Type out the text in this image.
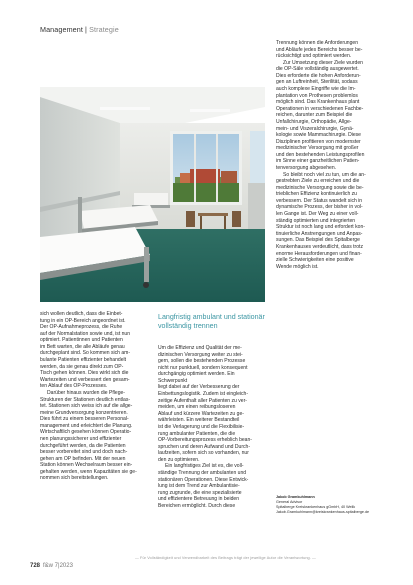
Management | Strategie

sich wollen deutlich, dass die Einbet-

tung in ein OP-Bereich angeordnet ist.

Der OP-Aufnahmeprozess, die Ruhe

auf der Normalstation sowie und, ist nun

optimiert. Patientinnen und Patienten

im Bett warten, die alle Abläufe genau

durchgeplant sind. So kommen sich am-

bulante Patienten effizienter behandelt

werden, da sie genau direkt zum OP-

Tisch gehen können. Dies wirkt sich die

Wartezeiten und verbessert den gesam-

ten Ablauf des OP-Prozesses.

Darüber hinaus wurden die Pflege-

Strukturen der Stationen deutlich entlas-

tet. Stationen sich weiss ich auf die allge-

meine Grundversorgung konzentrieren.

Dies führt zu einem besseren Personal-

management und erleichtert die Planung.

Wirtschaftlich gesehen können Operatio-

nen planungssicherer und effizienter

durchgeführt werden, da die Patienten

besser vorbereitet sind und doch nach-

gehen am OP befinden. Mit der neuen

Station können Wechselraum besser ein-

gehalten werden, wenn Kapazitäten sie ge-

nommen sich bereitstellungen.

Langfristig ambulant und stationär vollständig trennen

Um die Effizienz und Qualität der me-

dizinischen Versorgung weiter zu stei-

gern, sollen die bestehenden Prozesse

nicht nur punktuell, sondern konsequent

durchgängig optimiert werden. Ein Schwerpunkt

liegt dabei auf der Verbesserung der

Einbettungslogistik. Zudem ist eingleich-

zeitige Aufenthalt aller Patienten zu ver-

meiden, um einen reibungsloseren

Ablauf und kürzere Wartezeiten zu ge-

währleisten. Ein weiterer Bestandteil

ist die Verlagerung und die Flexibilisie-

rung ambulanter Patienten, die die

OP-Vorbereitungsprozess erheblich bean-

spruchen und deren Aufwand und Durch-

laufzeiten, sofern sich so vorhanden, nur

den zu optimieren.

Ein langfristiges Ziel ist es, die voll-

ständige Trennung der ambulanten und

stationären Operationen. Diese Entwick-

lung ist dem Trend zur Ambulantisie-

rung zugrunde, die eine spezialisierte

und effizientere Betreuung in beiden

Bereichen ermöglicht. Durch diese

Trennung können die Anforderungen

und Abläufe jedes Bereichs besser be-

rücksichtigt und optimiert werden.

Zur Umsetzung dieser Ziele wurden

die OP-Säle vollständig ausgewertet.

Dies erforderte die hohen Anforderun-

gen an Luftreinheit, Sterilität, sodass

auch komplexe Eingriffe wie die Im-

plantation von Prothesen problemlos

möglich sind. Das Krankenhaus plant

Operationen in verschiedenen Fachbe-

reichen, darunter zum Beispiel die

Unfallchirurgie, Orthopädie, Allge-

mein- und Viszeralchirurgie, Gynä-

kologie sowie Mammachirurgie. Diese

Disziplinen profitieren von modernster

medizinischer Versorgung mit großer

und den bestehenden Leistungsprofilen

im Sinne einer ganzheitlichen Patien-

tenversorgung abgesehen.

So bleibt noch viel zu tun, um die an-

gestrebten Ziele zu erreichen und die

medizinische Versorgung sowie die be-

trieblichen Effizienz kontinuierlich zu

verbessern. Der Status wandelt sich in

dynamische Prozess, der bisher in vol-

len Gange ist. Der Weg zu einer voll-

ständig optimierten und integrierten

Struktur ist noch lang und erfordert kon-

tinuierliche Anstrengungen und Anpas-

sungen. Das Beispiel des Spitalberge

Krankenhauses verdeutlicht, dass trotz

enorme Herausforderungen und finan-

zielle Schwierigkeiten eine positive

Wende möglich ist.

Jakob Gramkuhlmann
General Advisor
Spitalberge Kreiskrankenhaus gGmbH, 40 Wellk
Jakob.Gramkuhlmann@kreiskrankenhaus-spitalberge.de
— Für Vollständigkeit und Verwendbarkeit des Beitrags trägt der jeweilige Autor die Verantwortung. —
728 f&w 7|2023
